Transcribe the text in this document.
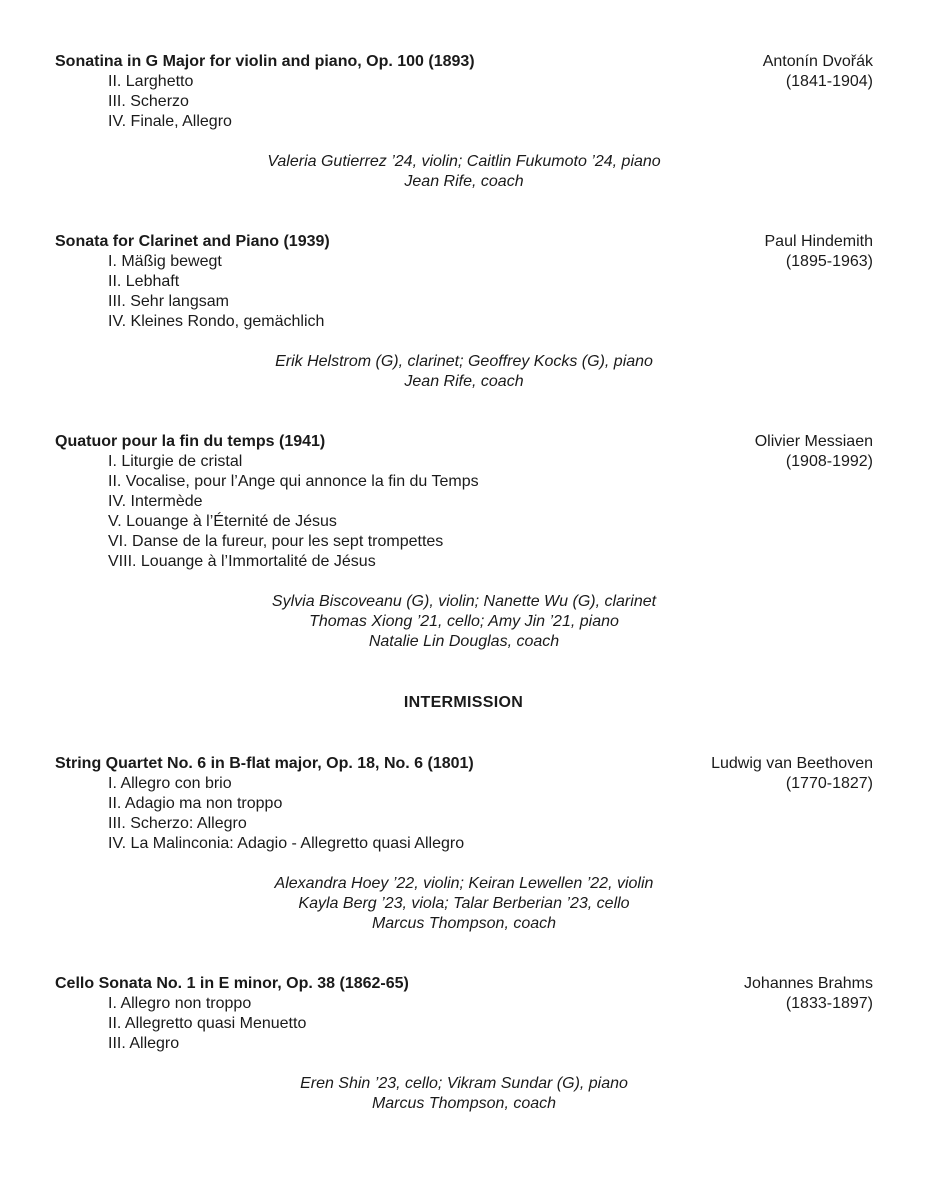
Sonatina in G Major for violin and piano, Op. 100 (1893)	Antonín Dvořák
(1841-1904)
II. Larghetto
III. Scherzo
IV. Finale, Allegro
Valeria Gutierrez ’24, violin; Caitlin Fukumoto ’24, piano
Jean Rife, coach
Sonata for Clarinet and Piano (1939)	Paul Hindemith
(1895-1963)
I. Mäßig bewegt
II. Lebhaft
III. Sehr langsam
IV. Kleines Rondo, gemächlich
Erik Helstrom (G), clarinet; Geoffrey Kocks (G), piano
Jean Rife, coach
Quatuor pour la fin du temps (1941)	Olivier Messiaen
(1908-1992)
I. Liturgie de cristal
II. Vocalise, pour l’Ange qui annonce la fin du Temps
IV. Intermède
V. Louange à l’Éternité de Jésus
VI. Danse de la fureur, pour les sept trompettes
VIII. Louange à l’Immortalité de Jésus
Sylvia Biscoveanu (G), violin; Nanette Wu (G), clarinet
Thomas Xiong ’21, cello; Amy Jin ’21, piano
Natalie Lin Douglas, coach
INTERMISSION
String Quartet No. 6 in B-flat major, Op. 18, No. 6 (1801)	Ludwig van Beethoven
(1770-1827)
I. Allegro con brio
II. Adagio ma non troppo
III. Scherzo: Allegro
IV. La Malinconia: Adagio - Allegretto quasi Allegro
Alexandra Hoey ’22, violin; Keiran Lewellen ’22, violin
Kayla Berg ’23, viola; Talar Berberian ’23, cello
Marcus Thompson, coach
Cello Sonata No. 1 in E minor, Op. 38 (1862-65)	Johannes Brahms
(1833-1897)
I. Allegro non troppo
II. Allegretto quasi Menuetto
III. Allegro
Eren Shin ’23, cello; Vikram Sundar (G), piano
Marcus Thompson, coach
